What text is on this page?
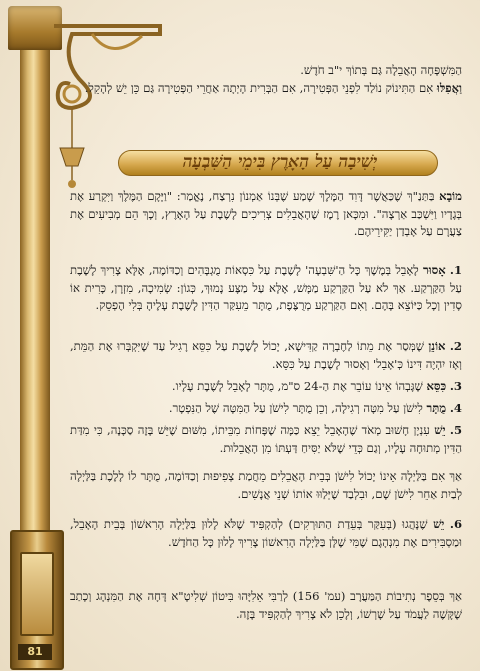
81
הַמִּשְׁפָּחָה הָאֲבֵלָה גַּם בְּתוֹךְ י"ב חֹדֶשׁ.
וַאֲפִלּוּ אִם הַתִּינוֹק נוֹלַד לִפְנֵי הַפְּטִירָה, אִם הַבְּרִית הָיְתָה אַחֲרֵי הַפְּטִירָה גַּם כֵּן יֵשׁ לְהָקֵל.
יְשִׁיבָה עַל הָאָרֶץ בִּימֵי הַשִּׁבְעָה
מוֹבָא בַּתַּנַ"ךְ שֶׁכַּאֲשֶׁר דָּוִד הַמֶּלֶךְ שָׁמַע שֶׁבְּנוֹ אַמְנוֹן נִרְצַח, נֶאֱמַר: "וַיָּקָם הַמֶּלֶךְ וַיִּקְרַע אֶת בְּגָדָיו וַיִּשְׁכַּב אַרְצָה". וּמִכָּאן רֶמֶז שֶׁהָאֲבֵלִים צְרִיכִים לָשֶׁבֶת עַל הָאָרֶץ, וְכָךְ הֵם מְבִיעִים אֶת צַעֲרָם עַל אָבְדַן יַקִּירֵיהֶם.
1. אָסוּר לָאָבֵל בְּמֶשֶׁךְ כָּל הַ'שִּׁבְעָה' לָשֶׁבֶת עַל כִּסְאוֹת מֻגְבָּהִים וְכַדּוֹמֶה, אֶלָּא צָרִיךְ לָשֶׁבֶת עַל הַקַּרְקַע. אַךְ לֹא עַל הַקַּרְקַע מַמָּשׁ, אֶלָּא עַל מַצָּע נָמוּךְ, כְּגוֹן: שְׂמִיכָה, מִזְרָן, כָּרִית אוֹ סָדִין וְכָל כַּיּוֹצֵא בָּהֶם. וְאִם הַקַּרְקַע מְרֻצֶּפֶת, מֻתָּר מֵעִקַּר הַדִּין לָשֶׁבֶת עָלֶיהָ בְּלִי הֶפְסֵק.
2. אוֹנֵן שֶׁמְּסַר אֶת מֵתוֹ לַחֶבְרָה קַדִּישָׁא, יָכוֹל לָשֶׁבֶת עַל כִּסֵּא רָגִיל עַד שֶׁיִּקְבְּרוּ אֶת הַמֵּת, וְאָז יִהְיֶה דִּינוֹ כְּ'אָבֵל' וְאָסוּר לָשֶׁבֶת עַל כִּסֵּא.
3. כִּסֵּא שֶׁגָּבְהוֹ אֵינוֹ עוֹבֵר אֶת הַ-24 ס"מ, מֻתָּר לָאָבֵל לָשֶׁבֶת עָלָיו.
4. מֻתָּר לִישֹׁן עַל מִטָּה רְגִילָה, וְכֵן מֻתָּר לִישֹׁן עַל הַמִּטָּה שֶׁל הַנִּפְטָר.
5. יֵשׁ עִנְיָן חָשׁוּב מְאֹד שֶׁהָאָבֵל יֵצֵא כַּמָּה שֶׁפָּחוֹת מִבֵּיתוֹ, מִשּׁוּם שֶׁיֵּשׁ בָּזֶה סַכָּנָה, כִּי מִדַּת הַדִּין מְתוּחָה עָלָיו, וְגַם כְּדֵי שֶׁלֹּא יַסִּיחַ דַּעְתּוֹ מִן הָאֲבֵלוּת.
אַךְ אִם בַּלַּיְלָה אֵינוֹ יָכוֹל לִישֹׁן בְּבֵית הָאֲבֵלִים מֵחֲמַת צְפִיפוּת וְכַדּוֹמֶה, מֻתָּר לוֹ לָלֶכֶת בַּלַּיְלָה לְבַיִת אַחֵר לִישֹׁן שָׁם, וּבִלְבַד שֶׁיְּלַוּוּ אוֹתוֹ שְׁנֵי אֲנָשִׁים.
6. יֵשׁ שֶׁנָּהֲגוּ (בְּעִקַּר בְּעֵדַת הַתּוּרְקִים) לְהַקְפִּיד שֶׁלֹּא לָלוּן בַּלַּיְלָה הָרִאשׁוֹן בְּבֵית הָאָבֵל, וּמַסְבִּירִים אֶת מִנְהָגָם שֶׁמִּי שֶׁלָּן בַּלַּיְלָה הָרִאשׁוֹן צָרִיךְ לָלוּן כָּל הַחֹדֶשׁ.
אַךְ בְּסֵפֶר נְתִיבוֹת הַמַּעֲרָב (עמ' 156) לְרַבִּי אֵלִיָּהוּ בִּיטוֹן שְׁלִיטָ"א דָּחָה אֶת הַמִּנְהָג וְכָתַב שֶׁקָּשֶׁה לַעֲמֹד עַל שָׁרְשׁוֹ, וְלָכֵן לֹא צָרִיךְ לְהַקְפִּיד בָּזֶה.
